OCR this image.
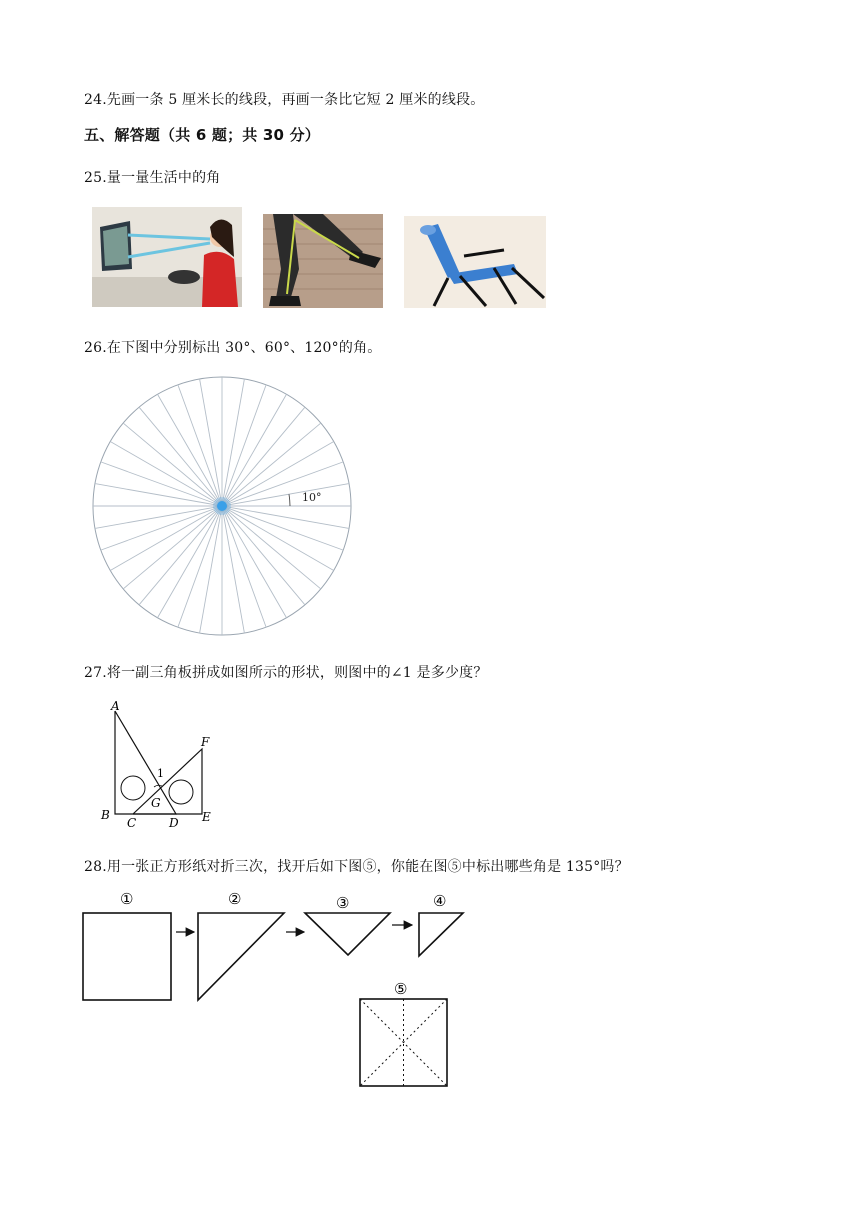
24.先画一条 5 厘米长的线段，再画一条比它短 2 厘米的线段。
五、解答题（共 6 题；共 30 分）
25.量一量生活中的角
26.在下图中分别标出 30°、60°、120°的角。
10°
27.将一副三角板拼成如图所示的形状，则图中的∠1 是多少度？
A
F
1
G
B
C	D E
28.用一张正方形纸对折三次，找开后如下图⑤，你能在图⑤中标出哪些角是 135°吗？
①	②	③	④
⑤
